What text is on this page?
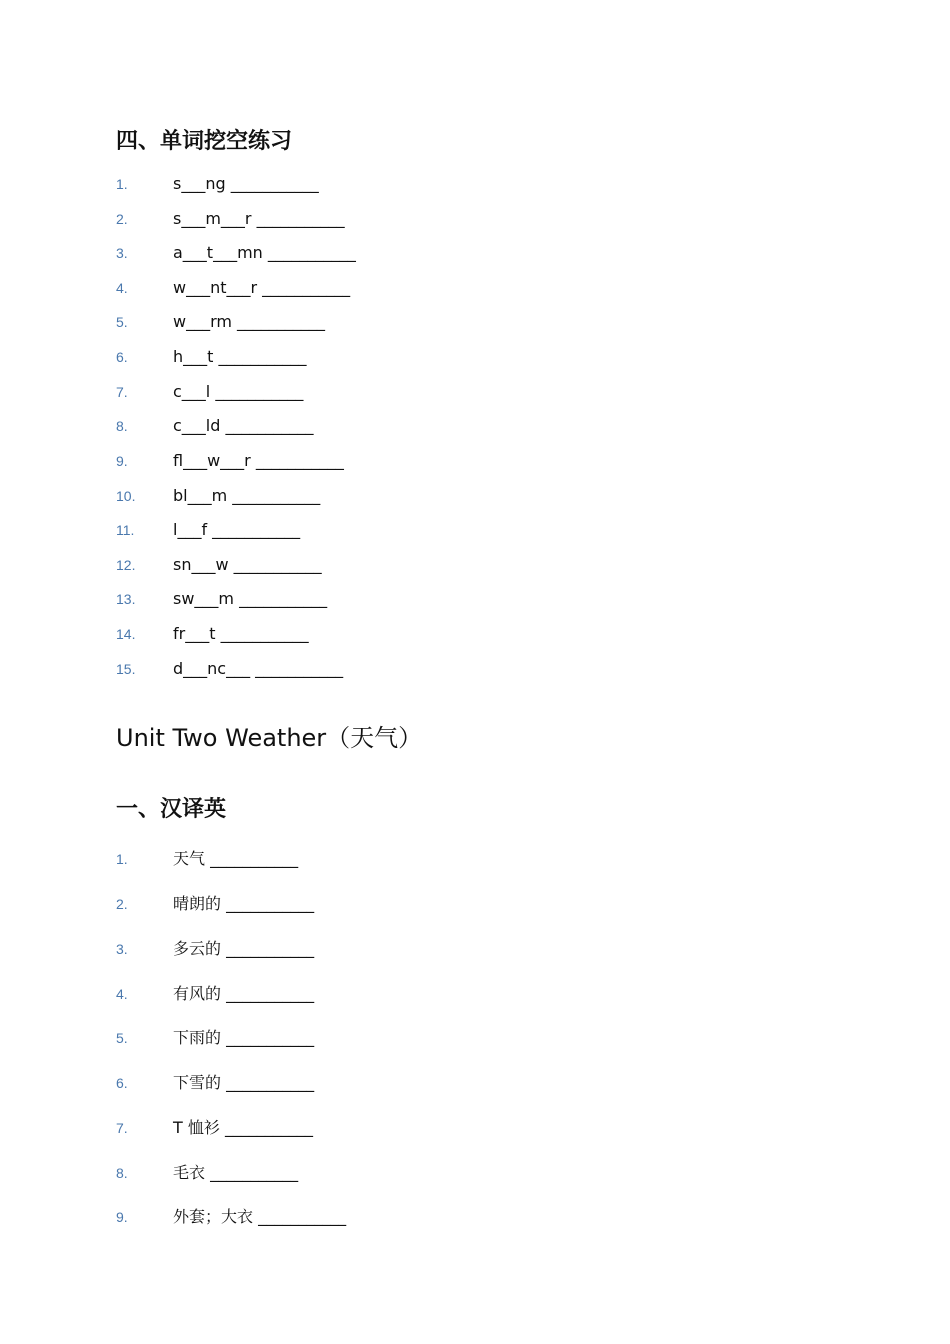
四、单词挖空练习
1.	s___ng ___________
2.	s___m___r ___________
3.	a___t___mn ___________
4.	w___nt___r ___________
5.	w___rm ___________
6.	h___t ___________
7.	c___l ___________
8.	c___ld ___________
9.	fl___w___r ___________
10. bl___m ___________
11. l___f ___________
12. sn___w ___________
13. sw___m ___________
14. fr___t ___________
15. d___nc___ ___________
Unit Two Weather（天气）
一、汉译英
1.	天气 ___________
2.	晴朗的 ___________
3.	多云的 ___________
4.	有风的 ___________
5.	下雨的 ___________
6.	下雪的 ___________
7.	T 恤衫 ___________
8.	毛衣 ___________
9.	外套；大衣 ___________
